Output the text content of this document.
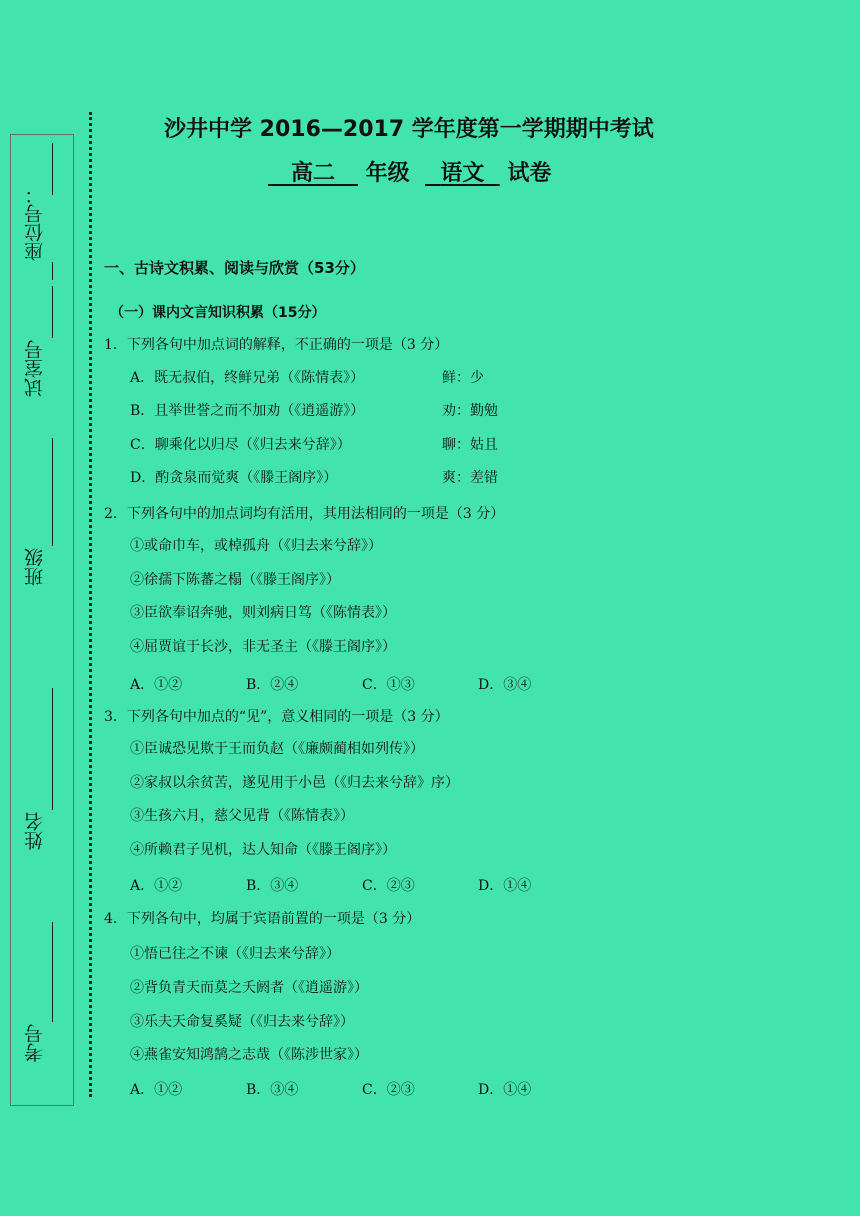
座位号：
试室号
班级
姓名
考号
沙井中学 2016—2017 学年度第一学期期中考试
高二 年级 语文 试卷
一、古诗文积累、阅读与欣赏（53分）
（一）课内文言知识积累（15分）
1．下列各句中加点词的解释，不正确的一项是（3 分）
A．既无叔伯，终鲜兄弟（《陈情表》）	鲜：少
B．且举世誉之而不加劝（《逍遥游》）	劝：勤勉
C．聊乘化以归尽（《归去来兮辞》）	聊：姑且
D．酌贪泉而觉爽（《滕王阁序》）	爽：差错
2．下列各句中的加点词均有活用，其用法相同的一项是（3 分）
①或命巾车，或棹孤舟（《归去来兮辞》）
②徐孺下陈蕃之榻（《滕王阁序》）
③臣欲奉诏奔驰，则刘病日笃（《陈情表》）
④屈贾谊于长沙，非无圣主（《滕王阁序》）
A．①②	B．②④	C．①③	D．③④
3．下列各句中加点的“见”，意义相同的一项是（3 分）
①臣诚恐见欺于王而负赵（《廉颇蔺相如列传》）
②家叔以余贫苦，遂见用于小邑（《归去来兮辞》序）
③生孩六月，慈父见背（《陈情表》）
④所赖君子见机，达人知命（《滕王阁序》）
A．①②	B．③④	C．②③	D．①④
4．下列各句中，均属于宾语前置的一项是（3 分）
①悟已往之不谏（《归去来兮辞》）
②背负青天而莫之夭阏者（《逍遥游》）
③乐夫天命复奚疑（《归去来兮辞》）
④燕雀安知鸿鹄之志哉（《陈涉世家》）
A．①②	B．③④	C．②③	D．①④
